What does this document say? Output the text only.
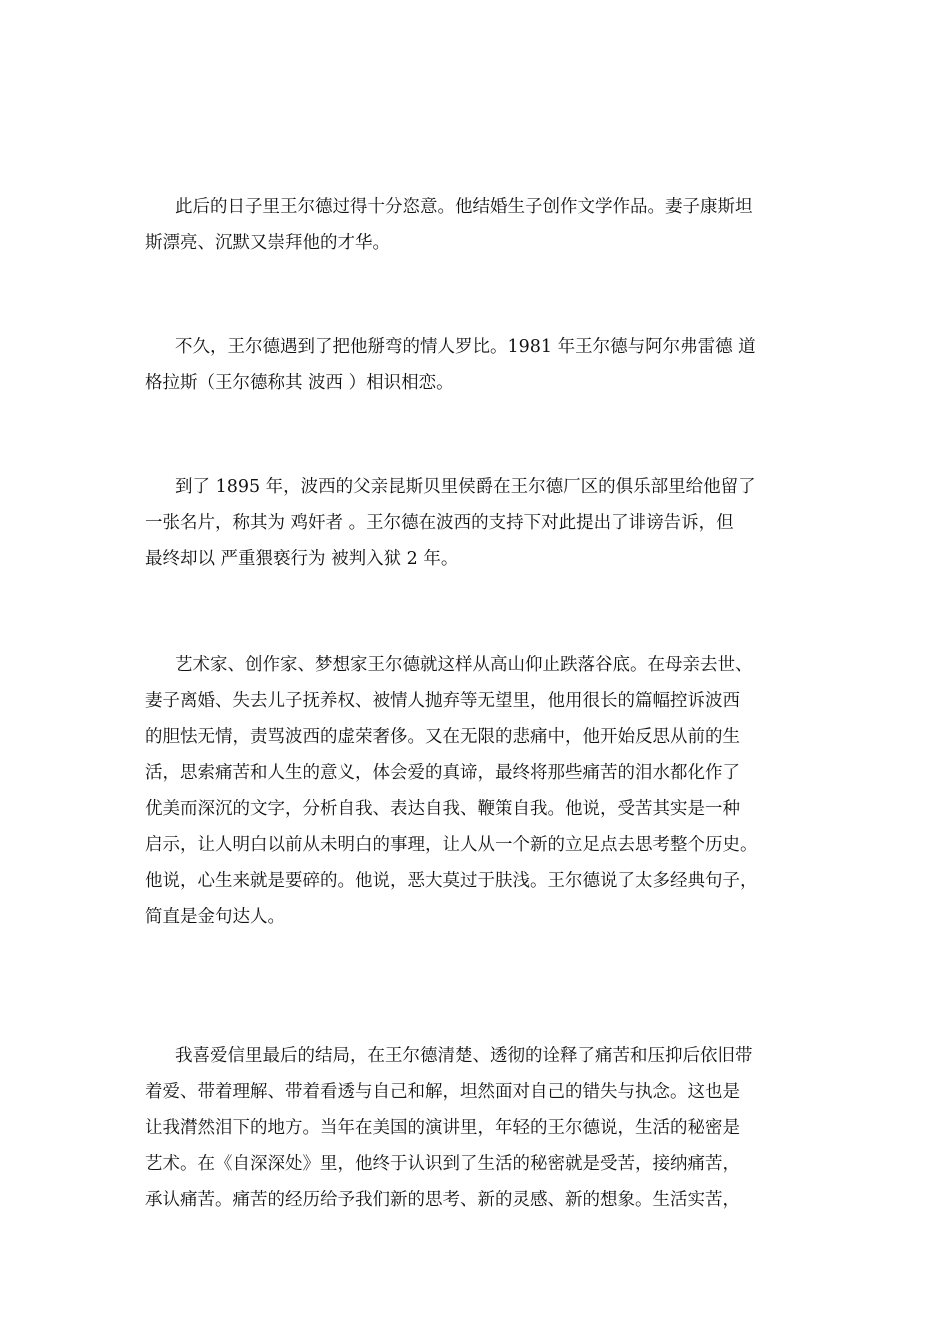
此后的日子里王尔德过得十分恣意。他结婚生子创作文学作品。妻子康斯坦
斯漂亮、沉默又崇拜他的才华。
不久，王尔德遇到了把他掰弯的情人罗比。1981 年王尔德与阿尔弗雷德 道
格拉斯（王尔德称其 波西 ）相识相恋。
到了 1895 年，波西的父亲昆斯贝里侯爵在王尔德厂区的俱乐部里给他留了
一张名片，称其为 鸡奸者 。王尔德在波西的支持下对此提出了诽谤告诉，但
最终却以 严重猥亵行为 被判入狱 2 年。
艺术家、创作家、梦想家王尔德就这样从高山仰止跌落谷底。在母亲去世、
妻子离婚、失去儿子抚养权、被情人抛弃等无望里，他用很长的篇幅控诉波西
的胆怯无情，责骂波西的虚荣奢侈。又在无限的悲痛中，他开始反思从前的生
活，思索痛苦和人生的意义，体会爱的真谛，最终将那些痛苦的泪水都化作了
优美而深沉的文字，分析自我、表达自我、鞭策自我。他说，受苦其实是一种
启示，让人明白以前从未明白的事理，让人从一个新的立足点去思考整个历史。
他说，心生来就是要碎的。他说，恶大莫过于肤浅。王尔德说了太多经典句子，
简直是金句达人。
我喜爱信里最后的结局，在王尔德清楚、透彻的诠释了痛苦和压抑后依旧带
着爱、带着理解、带着看透与自己和解，坦然面对自己的错失与执念。这也是
让我潸然泪下的地方。当年在美国的演讲里，年轻的王尔德说，生活的秘密是
艺术。在《自深深处》里，他终于认识到了生活的秘密就是受苦，接纳痛苦，
承认痛苦。痛苦的经历给予我们新的思考、新的灵感、新的想象。生活实苦，
